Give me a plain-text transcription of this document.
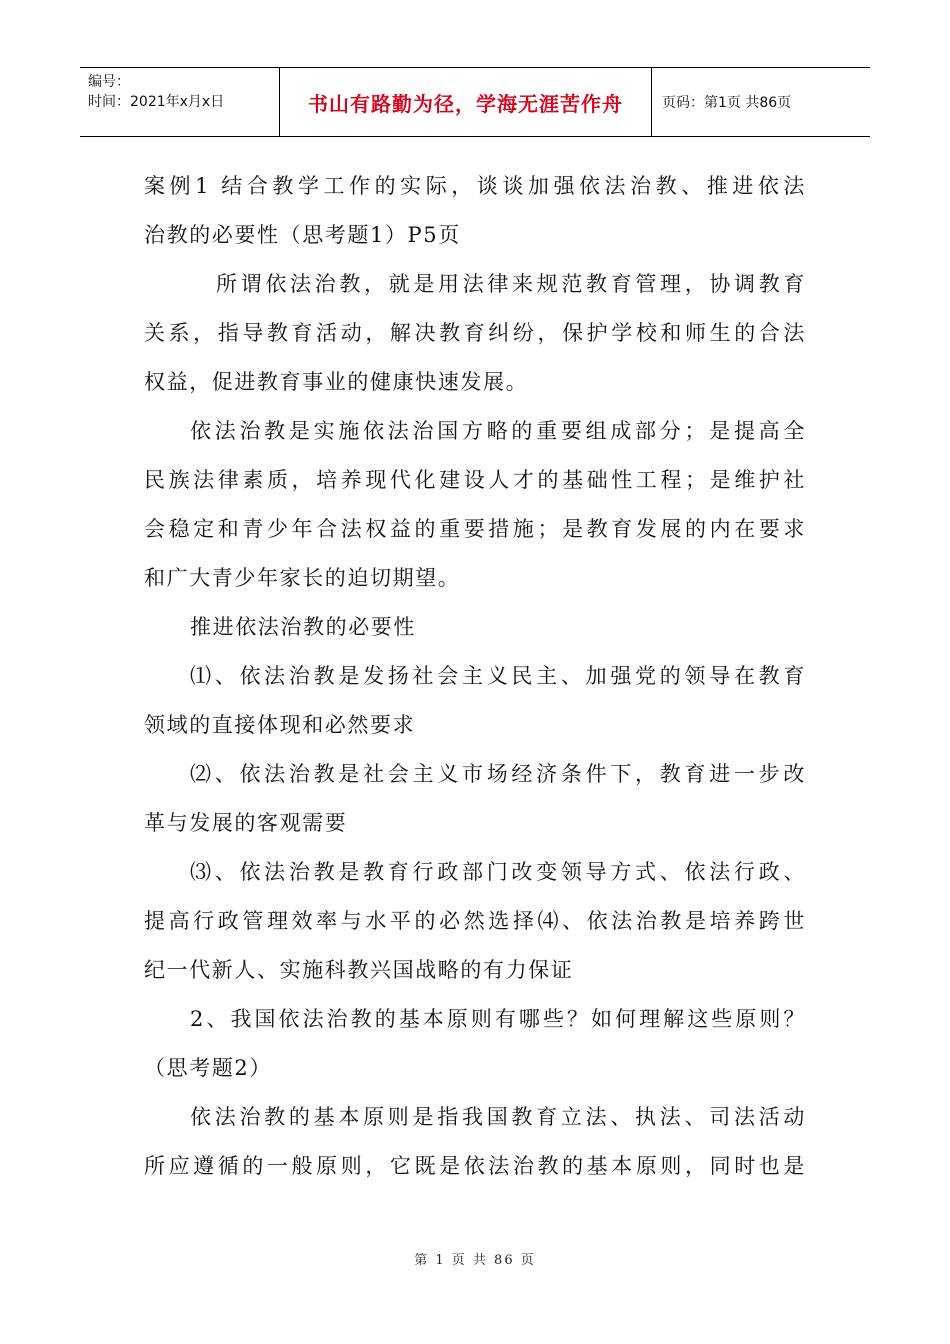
编号：
时间：2021年x月x日	书山有路勤为径，学海无涯苦作舟	页码：第1页 共86页
案例1 结合教学工作的实际，谈谈加强依法治教、推进依法
治教的必要性（思考题1）P5页
所谓依法治教，就是用法律来规范教育管理，协调教育
关系，指导教育活动，解决教育纠纷，保护学校和师生的合法
权益，促进教育事业的健康快速发展。
依法治教是实施依法治国方略的重要组成部分；是提高全
民族法律素质，培养现代化建设人才的基础性工程；是维护社
会稳定和青少年合法权益的重要措施；是教育发展的内在要求
和广大青少年家长的迫切期望。
推进依法治教的必要性
⑴、依法治教是发扬社会主义民主、加强党的领导在教育
领域的直接体现和必然要求
⑵、依法治教是社会主义市场经济条件下，教育进一步改
革与发展的客观需要
⑶、依法治教是教育行政部门改变领导方式、依法行政、
提高行政管理效率与水平的必然选择⑷、依法治教是培养跨世
纪一代新人、实施科教兴国战略的有力保证
2、我国依法治教的基本原则有哪些？如何理解这些原则？
（思考题2）
依法治教的基本原则是指我国教育立法、执法、司法活动
所应遵循的一般原则，它既是依法治教的基本原则，同时也是
第 1 页 共 86 页
